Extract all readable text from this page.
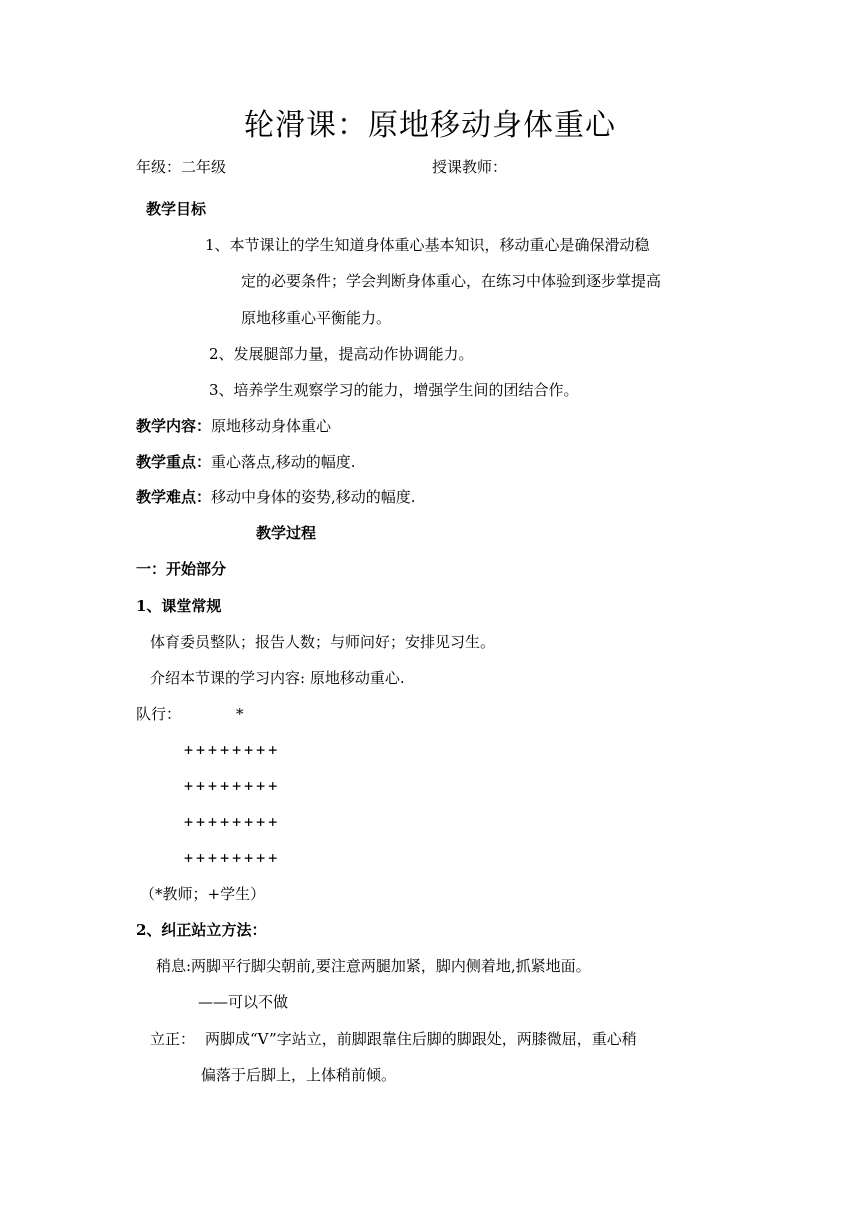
轮滑课：原地移动身体重心
年级：二年级	授课教师：
教学目标
1、本节课让的学生知道身体重心基本知识，移动重心是确保滑动稳
定的必要条件；学会判断身体重心，在练习中体验到逐步掌提高
原地移重心平衡能力。
2、发展腿部力量，提高动作协调能力。
3、培养学生观察学习的能力，增强学生间的团结合作。
教学内容：原地移动身体重心
教学重点：重心落点,移动的幅度.
教学难点：移动中身体的姿势,移动的幅度.
教学过程
一：开始部分
1、课堂常规
体育委员整队；报告人数；与师问好；安排见习生。
介绍本节课的学习内容: 原地移动重心.
队行：	*
++++++++
++++++++
++++++++
++++++++
（*教师；+学生）
2、纠正站立方法：
稍息:两脚平行脚尖朝前,要注意两腿加紧，脚内侧着地,抓紧地面。
——可以不做
立正： 两脚成“V”字站立，前脚跟靠住后脚的脚跟处，两膝微屈，重心稍
偏落于后脚上，上体稍前倾。
